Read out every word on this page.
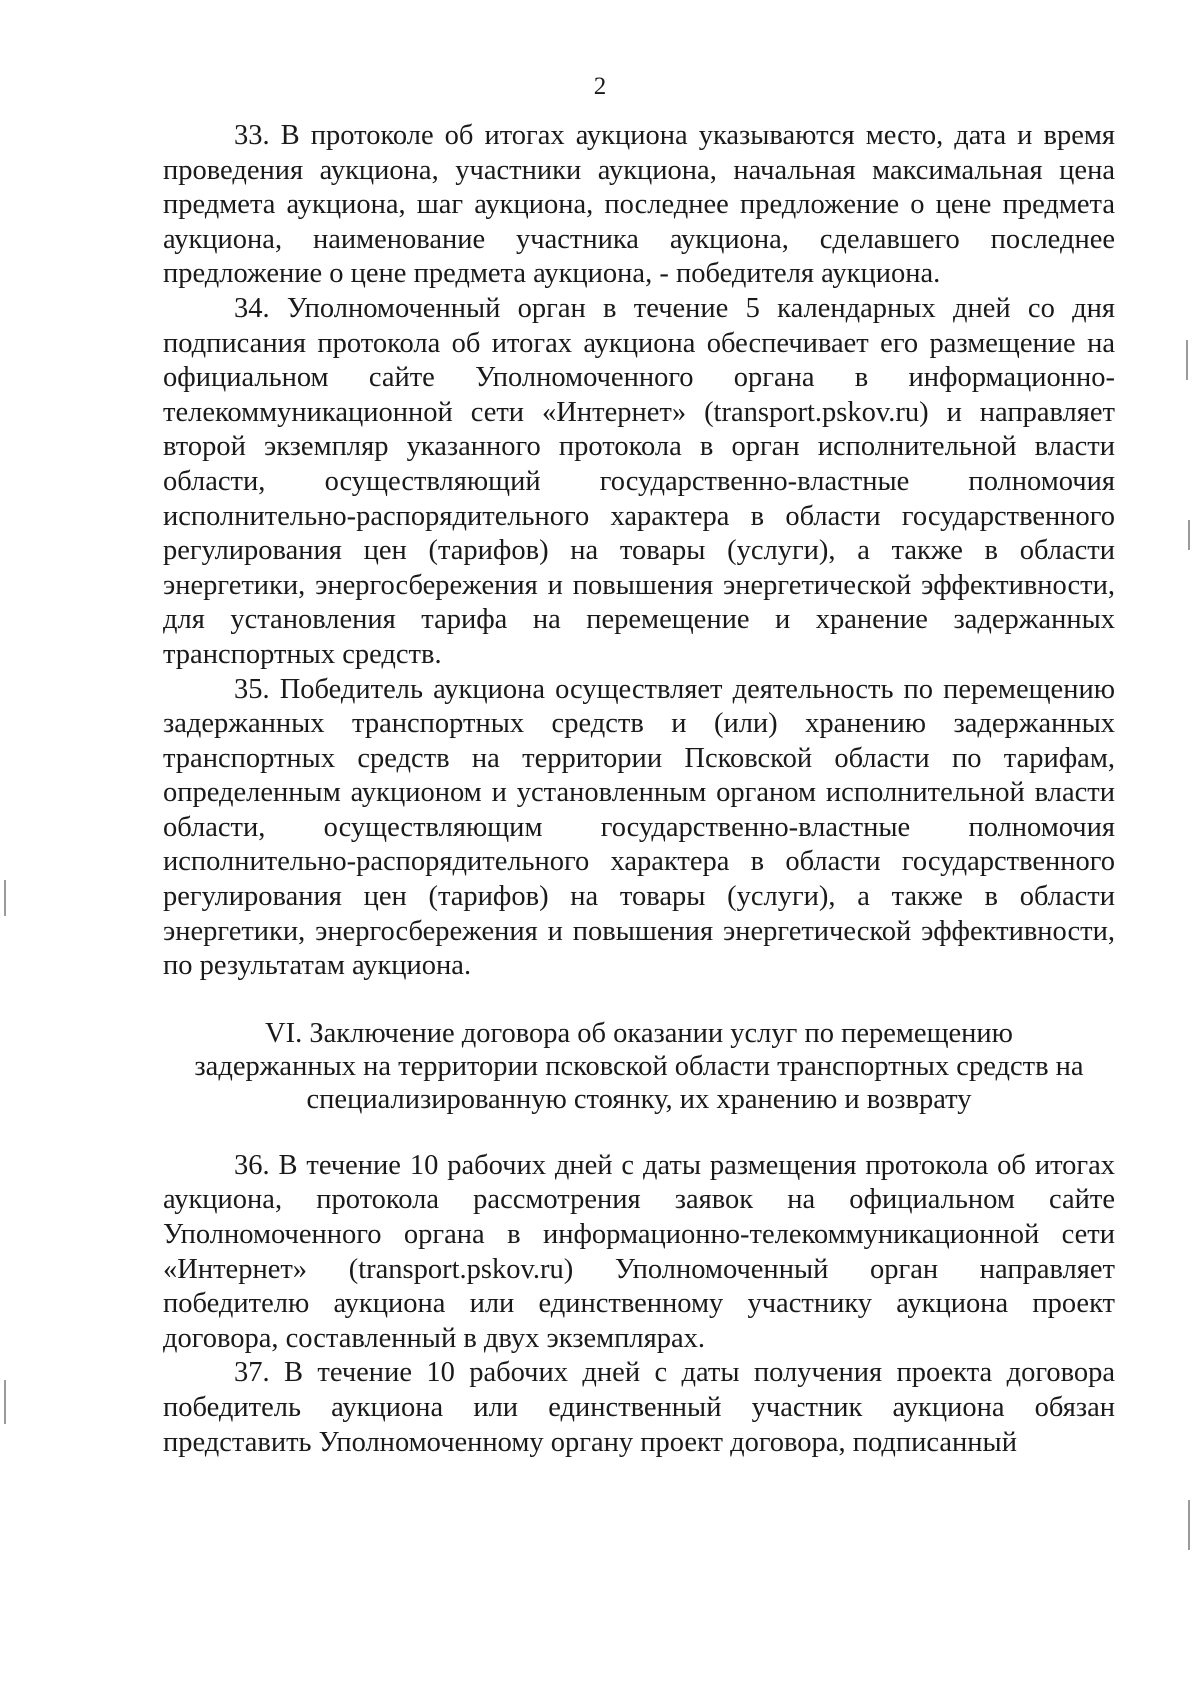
2

33. В протоколе об итогах аукциона указываются место, дата и время проведения аукциона, участники аукциона, начальная максимальная цена предмета аукциона, шаг аукциона, последнее предложение о цене предмета аукциона, наименование участника аукциона, сделавшего последнее предложение о цене предмета аукциона, - победителя аукциона.

34. Уполномоченный орган в течение 5 календарных дней со дня подписания протокола об итогах аукциона обеспечивает его размещение на официальном сайте Уполномоченного органа в информационно-телекоммуникационной сети «Интернет» (transport.pskov.ru) и направляет второй экземпляр указанного протокола в орган исполнительной власти области, осуществляющий государственно-властные полномочия исполнительно-распорядительного характера в области государственного регулирования цен (тарифов) на товары (услуги), а также в области энергетики, энергосбережения и повышения энергетической эффективности, для установления тарифа на перемещение и хранение задержанных транспортных средств.

35. Победитель аукциона осуществляет деятельность по перемещению задержанных транспортных средств и (или) хранению задержанных транспортных средств на территории Псковской области по тарифам, определенным аукционом и установленным органом исполнительной власти области, осуществляющим государственно-властные полномочия исполнительно-распорядительного характера в области государственного регулирования цен (тарифов) на товары (услуги), а также в области энергетики, энергосбережения и повышения энергетической эффективности, по результатам аукциона.

VI. Заключение договора об оказании услуг по перемещению
задержанных на территории псковской области транспортных средств на
специализированную стоянку, их хранению и возврату

36. В течение 10 рабочих дней с даты размещения протокола об итогах аукциона, протокола рассмотрения заявок на официальном сайте Уполномоченного органа в информационно-телекоммуникационной сети «Интернет» (transport.pskov.ru) Уполномоченный орган направляет победителю аукциона или единственному участнику аукциона проект договора, составленный в двух экземплярах.

37. В течение 10 рабочих дней с даты получения проекта договора победитель аукциона или единственный участник аукциона обязан представить Уполномоченному органу проект договора, подписанный
